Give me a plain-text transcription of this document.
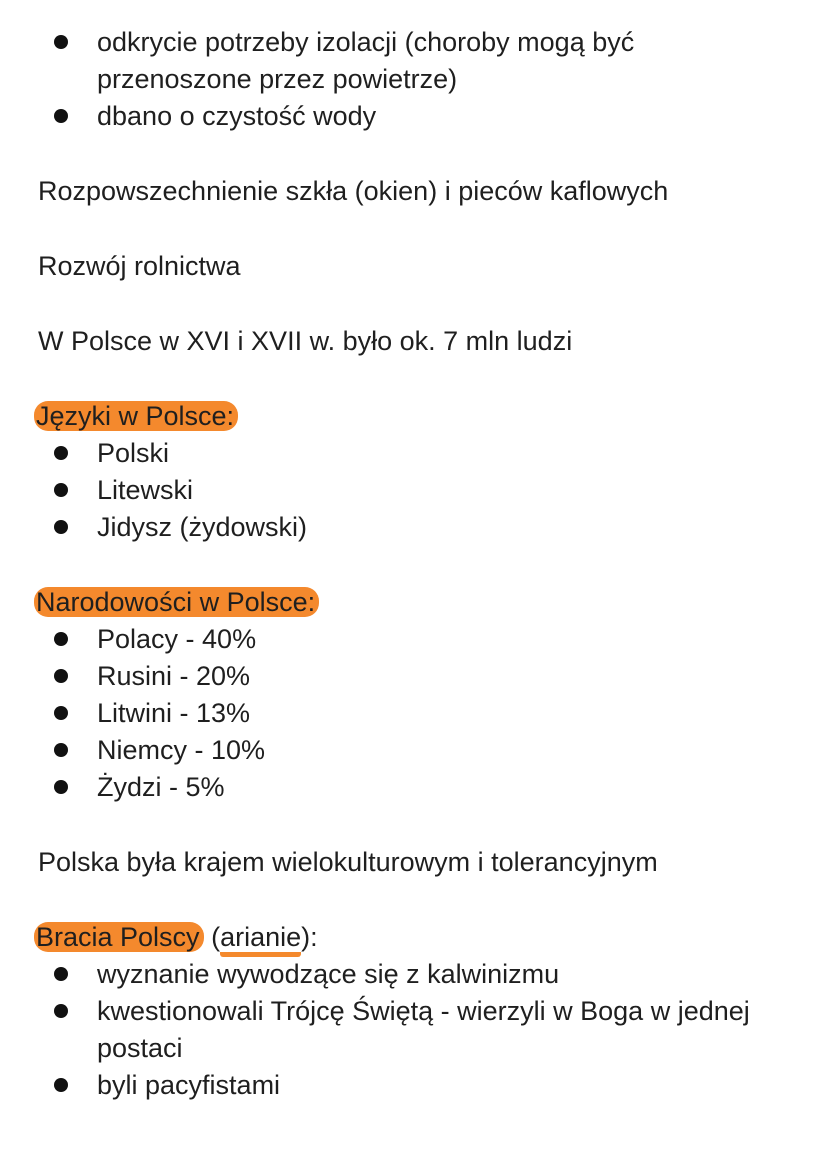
odkrycie potrzeby izolacji (choroby mogą być przenoszone przez powietrze)
dbano o czystość wody

Rozpowszechnienie szkła (okien) i pieców kaflowych

Rozwój rolnictwa

W Polsce w XVI i XVII w. było ok. 7 mln ludzi

Języki w Polsce:

Polski
Litewski
Jidysz (żydowski)

Narodowości w Polsce:

Polacy - 40%
Rusini - 20%
Litwini - 13%
Niemcy - 10%
Żydzi - 5%

Polska była krajem wielokulturowym i tolerancyjnym

Bracia Polscy (arianie):

wyznanie wywodzące się z kalwinizmu
kwestionowali Trójcę Świętą - wierzyli w Boga w jednej postaci
byli pacyfistami
